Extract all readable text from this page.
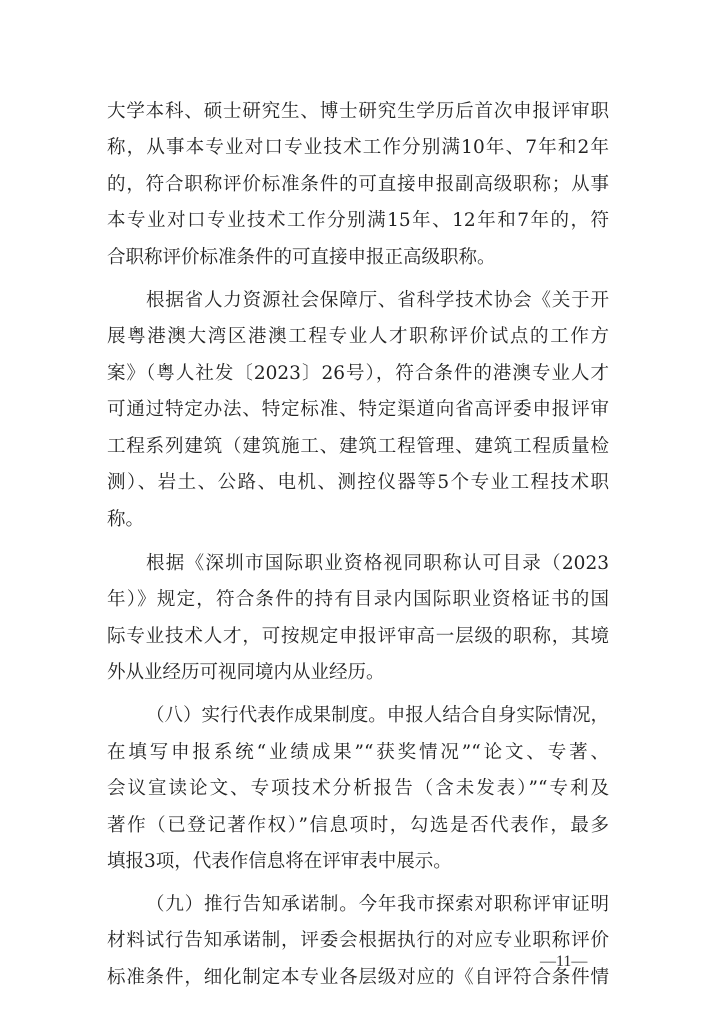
大学本科、硕士研究生、博士研究生学历后首次申报评审职
称，从事本专业对口专业技术工作分别满10年、7年和2年
的，符合职称评价标准条件的可直接申报副高级职称；从事
本专业对口专业技术工作分别满15年、12年和7年的，符
合职称评价标准条件的可直接申报正高级职称。
根据省人力资源社会保障厅、省科学技术协会《关于开
展粤港澳大湾区港澳工程专业人才职称评价试点的工作方
案》（粤人社发〔2023〕26号），符合条件的港澳专业人才
可通过特定办法、特定标准、特定渠道向省高评委申报评审
工程系列建筑（建筑施工、建筑工程管理、建筑工程质量检
测）、岩土、公路、电机、测控仪器等5个专业工程技术职
称。
根据《深圳市国际职业资格视同职称认可目录（2023
年）》规定，符合条件的持有目录内国际职业资格证书的国
际专业技术人才，可按规定申报评审高一层级的职称，其境
外从业经历可视同境内从业经历。
（八）实行代表作成果制度。申报人结合自身实际情况，
在填写申报系统“业绩成果”“获奖情况”“论文、专著、
会议宣读论文、专项技术分析报告（含未发表）”“专利及
著作（已登记著作权）”信息项时，勾选是否代表作，最多
填报3项，代表作信息将在评审表中展示。
（九）推行告知承诺制。今年我市探索对职称评审证明
材料试行告知承诺制，评委会根据执行的对应专业职称评价
标准条件，细化制定本专业各层级对应的《自评符合条件情
—11—
